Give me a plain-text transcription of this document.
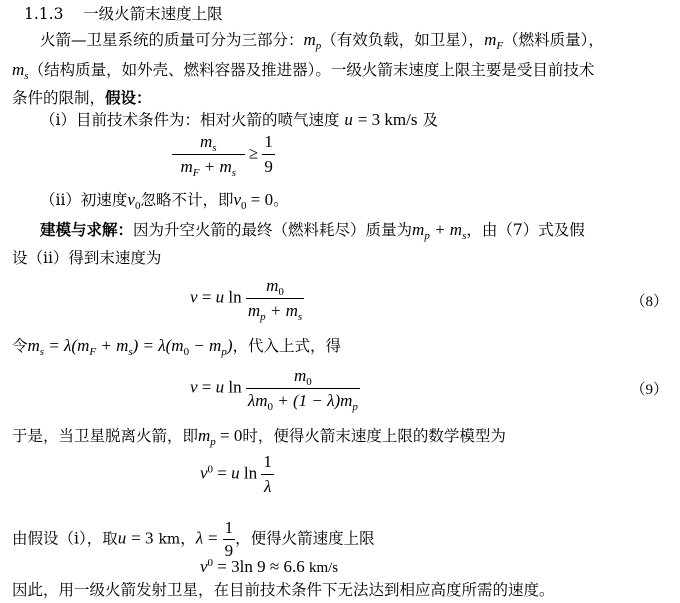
1.1.3 一级火箭末速度上限
火箭—卫星系统的质量可分为三部分：$m_p$（有效负载，如卫星），$m_F$（燃料质量），
$m_s$（结构质量，如外壳、燃料容器及推进器）。一级火箭末速度上限主要是受目前技术
条件的限制，假设：
（i）目前技术条件为：相对火箭的喷气速度 u = 3 km/s 及
$\frac{m_s}{m_F + m_s} \ge \frac{1}{9}$
（ii）初速度$v_0$忽略不计，即$v_0 = 0$。
建模与求解：因为升空火箭的最终（燃料耗尽）质量为$m_p + m_s$，由（7）式及假
设（ii）得到末速度为
v = u $\ln \frac{m_0}{m_p + m_s}$	（8）
令$m_s = \lambda(m_F + m_s) = \lambda(m_0 - m_p)$，代入上式，得
v = u $\ln \frac{m_0}{\lambda m_0 + (1 - \lambda)m_p}$	（9）
于是，当卫星脱离火箭，即$m_p = 0$时，便得火箭末速度上限的数学模型为
$v^0 = u$ $\ln \frac{1}{\lambda}$
由假设（i），取u = 3 km，$\lambda = \frac{1}{9}$ ，便得火箭速度上限
$v^0 = 3\ln$ 9 ≈ 6.6 km/s
因此，用一级火箭发射卫星，在目前技术条件下无法达到相应高度所需的速度。
